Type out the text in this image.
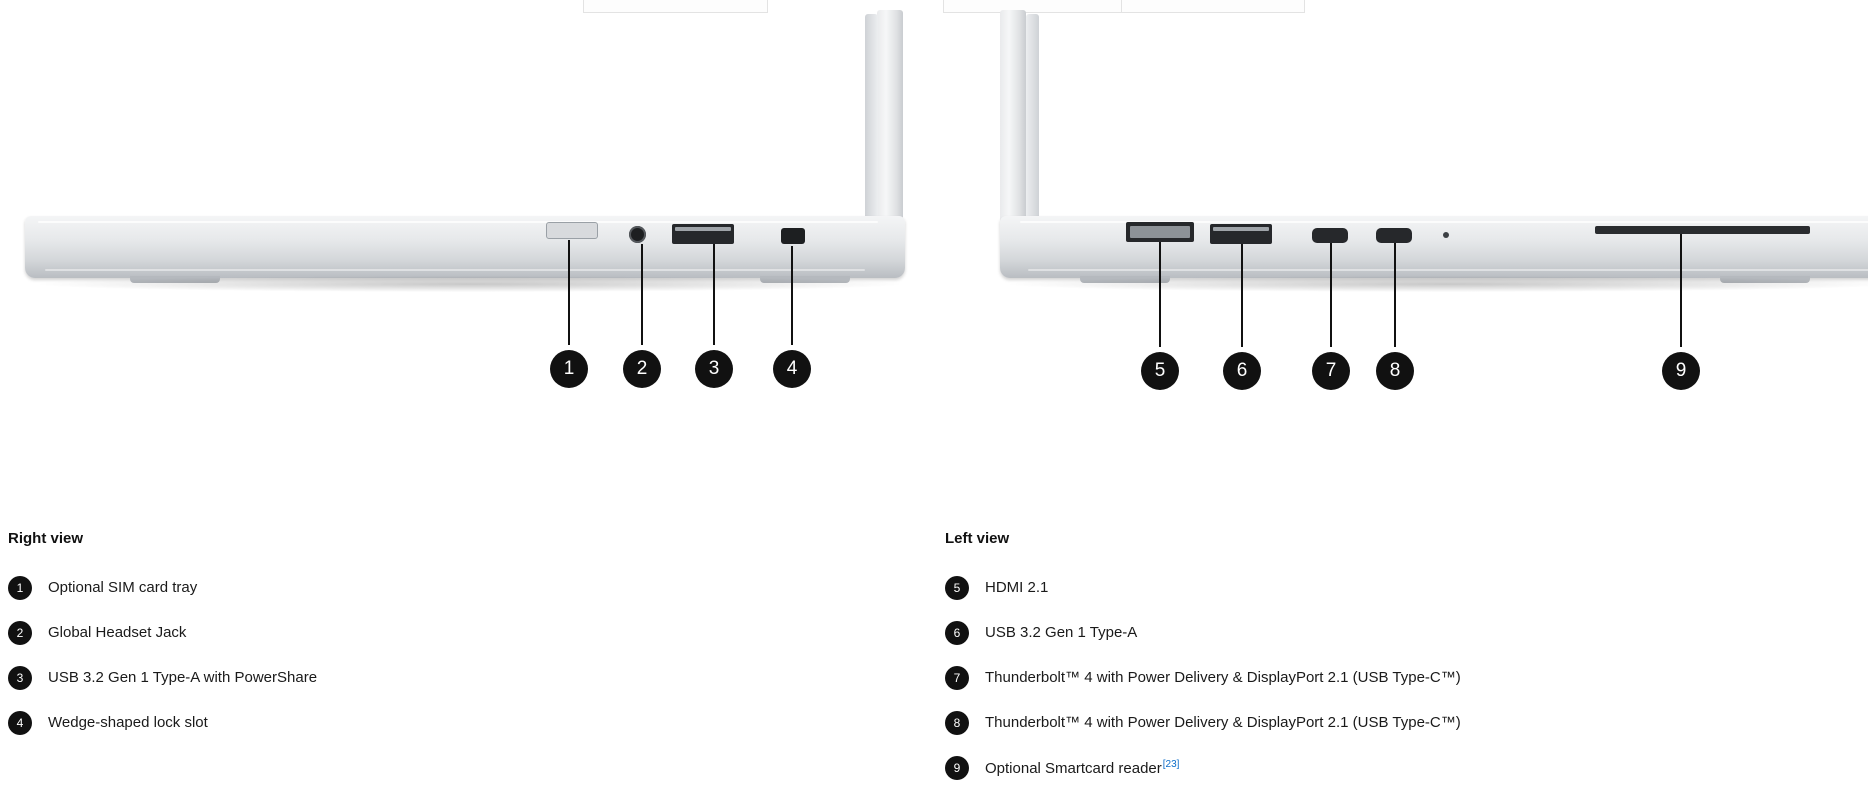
1	2	3	4	5	6	7	8	9
Right view
1	Optional SIM card tray
2	Global Headset Jack
3	USB 3.2 Gen 1 Type-A with PowerShare
4	Wedge-shaped lock slot
Left view
5	HDMI 2.1
6	USB 3.2 Gen 1 Type-A
7	Thunderbolt™ 4 with Power Delivery & DisplayPort 2.1 (USB Type-C™)
8	Thunderbolt™ 4 with Power Delivery & DisplayPort 2.1 (USB Type-C™)
9	Optional Smartcard reader[23]
